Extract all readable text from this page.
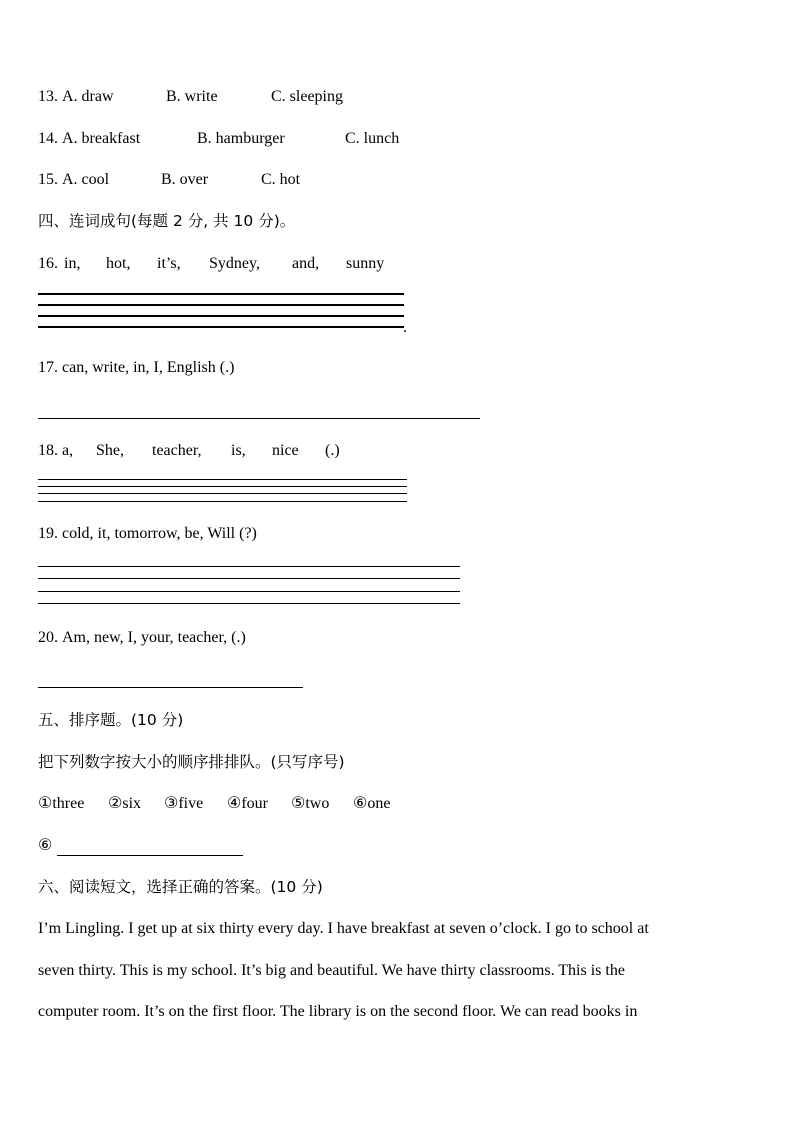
13. A. draw	B. write	C. sleeping
14. A. breakfast	B. hamburger	C. lunch
15. A. cool	B. over	C. hot
四、连词成句(每题 2 分, 共 10 分)。
16. in, hot, it’s, Sydney, and, sunny
.
17. can, write, in, I, English (.)
18. a, She, teacher, is, nice (.)
19. cold, it, tomorrow, be, Will (?)
20. Am, new, I, your, teacher, (.)
五、排序题。(10 分)
把下列数字按大小的顺序排排队。(只写序号)
①three ②six ③five ④four ⑤two ⑥one
⑥
六、阅读短文，选择正确的答案。(10 分)
I’m Lingling. I get up at six thirty every day. I have breakfast at seven o’clock. I go to school at
seven thirty. This is my school. It’s big and beautiful. We have thirty classrooms. This is the
computer room. It’s on the first floor. The library is on the second floor. We can read books in
